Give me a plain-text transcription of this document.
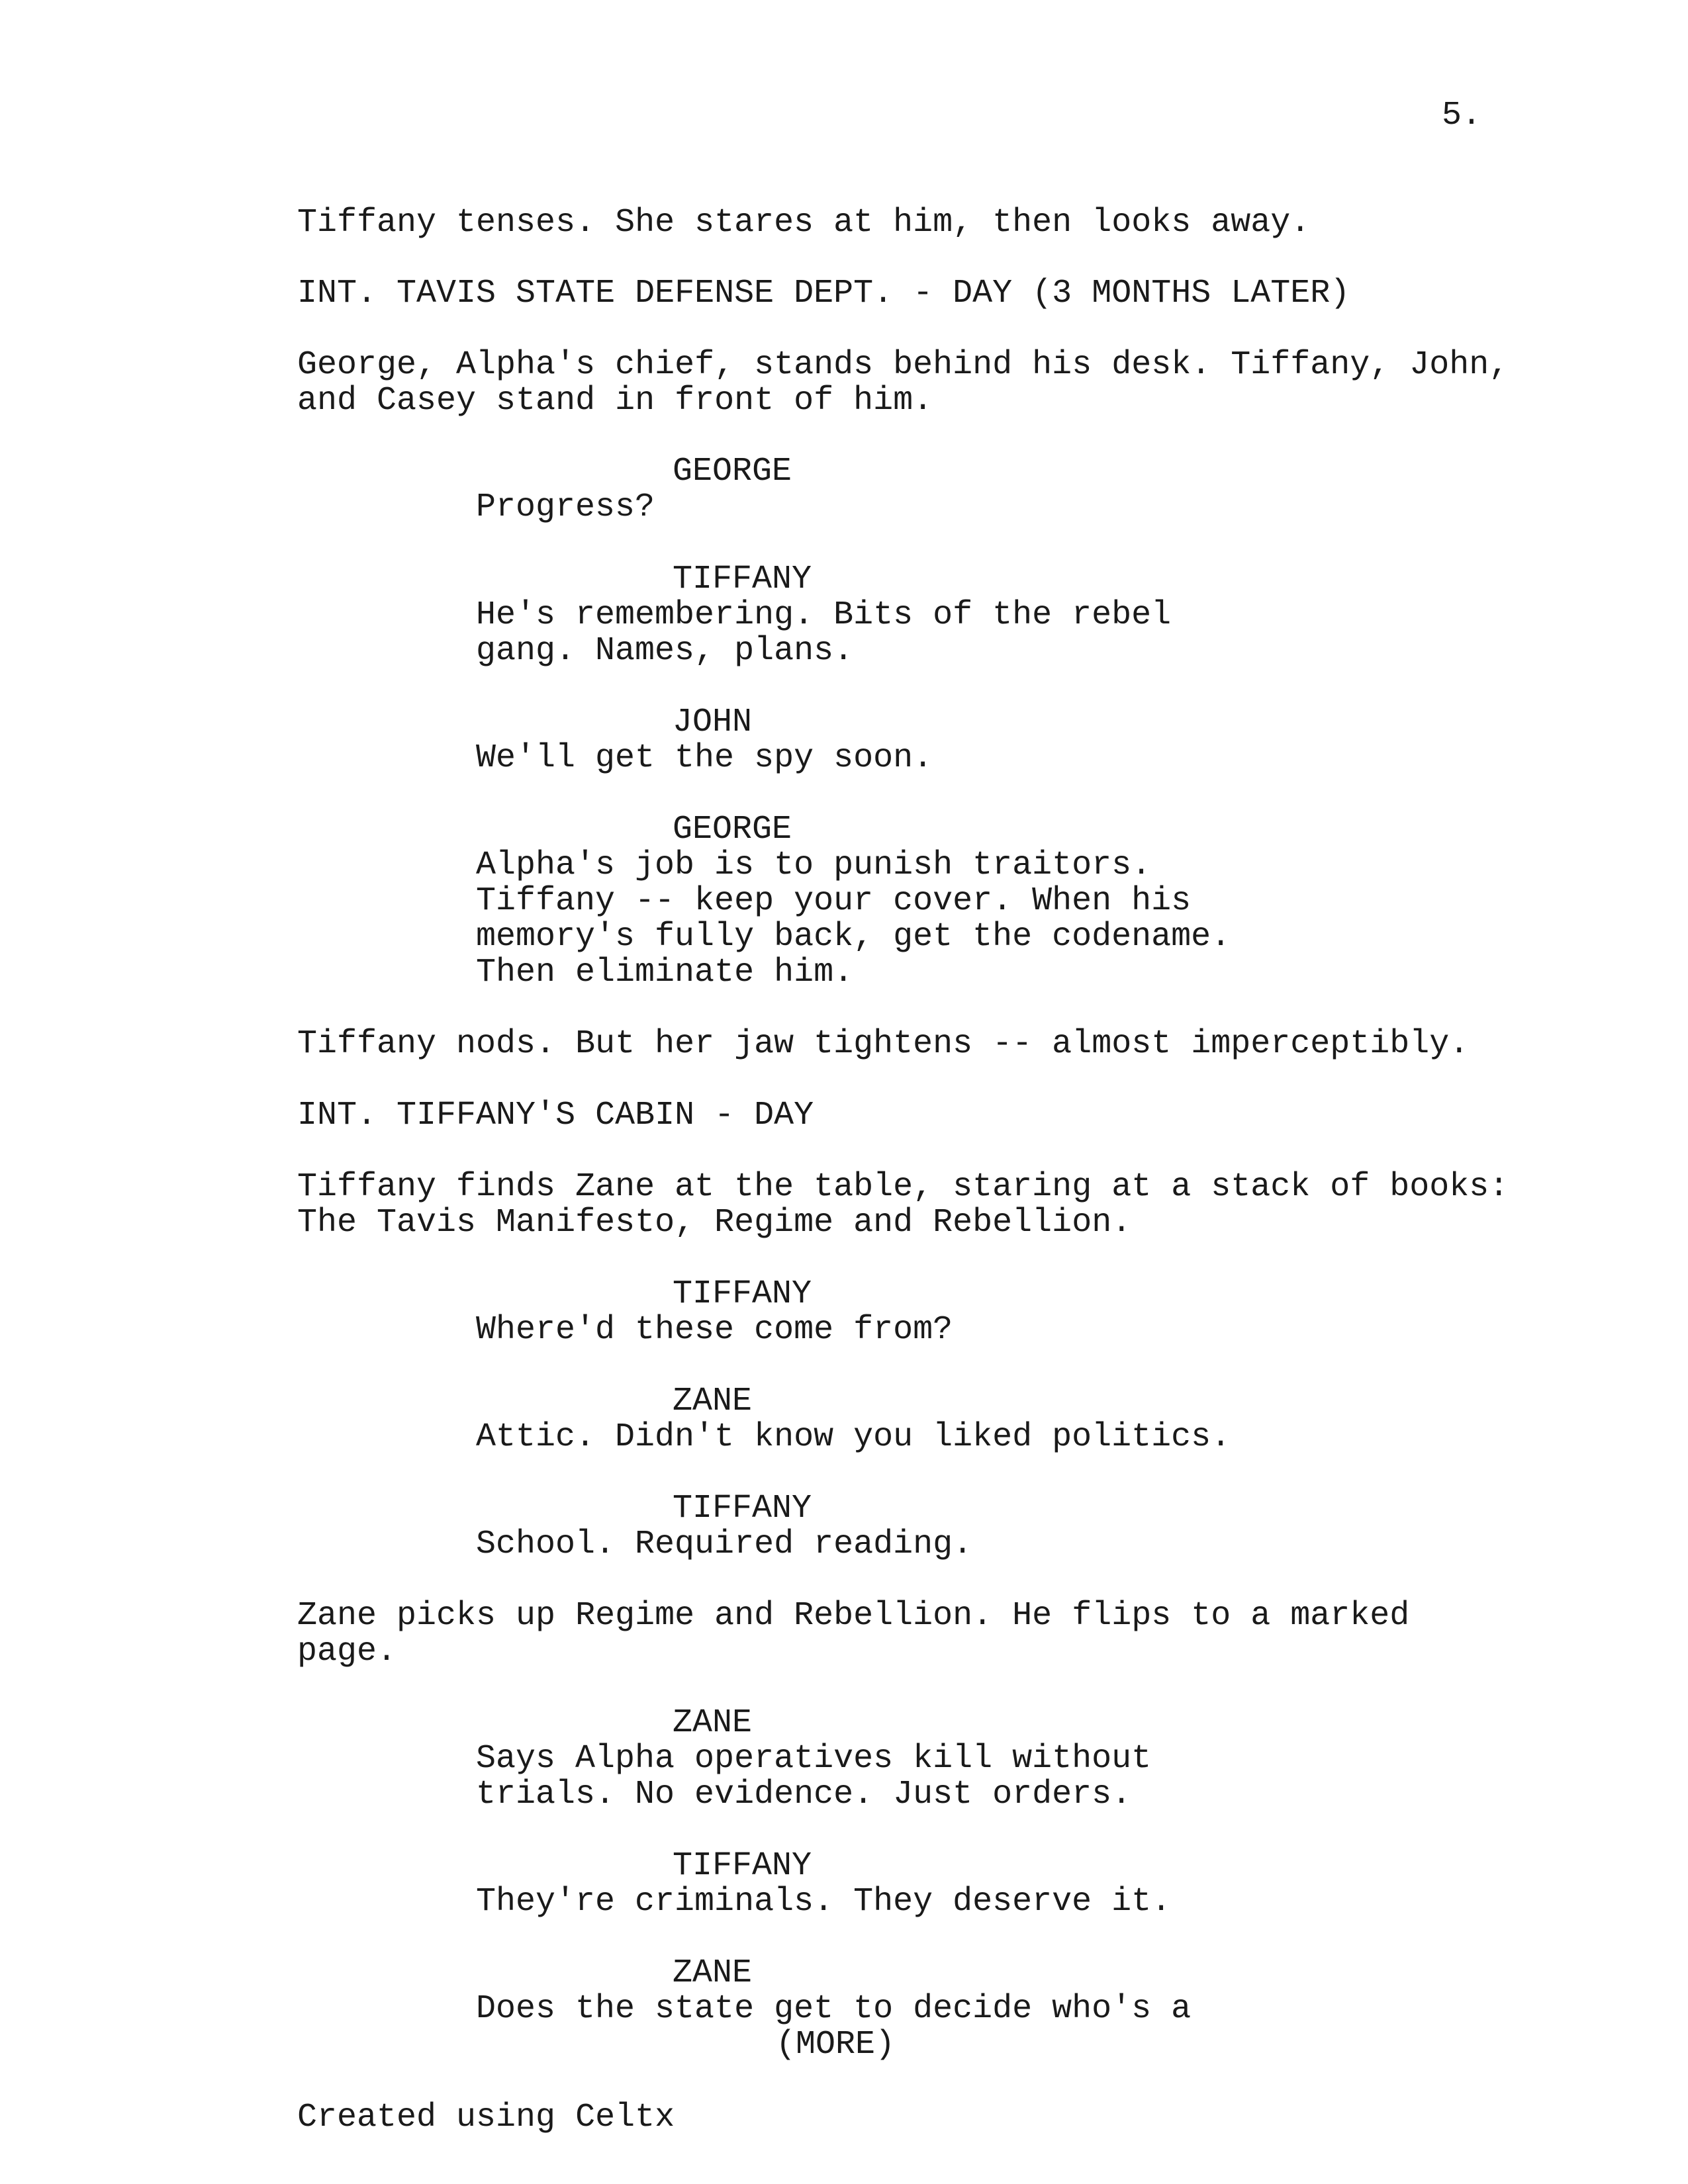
5.
Tiffany tenses. She stares at him, then looks away.
INT. TAVIS STATE DEFENSE DEPT. - DAY (3 MONTHS LATER)
George, Alpha's chief, stands behind his desk. Tiffany, John,
and Casey stand in front of him.
GEORGE
Progress?
TIFFANY
He's remembering. Bits of the rebel
gang. Names, plans.
JOHN
We'll get the spy soon.
GEORGE
Alpha's job is to punish traitors.
Tiffany -- keep your cover. When his
memory's fully back, get the codename.
Then eliminate him.
Tiffany nods. But her jaw tightens -- almost imperceptibly.
INT. TIFFANY'S CABIN - DAY
Tiffany finds Zane at the table, staring at a stack of books:
The Tavis Manifesto, Regime and Rebellion.
TIFFANY
Where'd these come from?
ZANE
Attic. Didn't know you liked politics.
TIFFANY
School. Required reading.
Zane picks up Regime and Rebellion. He flips to a marked
page.
ZANE
Says Alpha operatives kill without
trials. No evidence. Just orders.
TIFFANY
They're criminals. They deserve it.
ZANE
Does the state get to decide who's a
(MORE)
Created using Celtx
